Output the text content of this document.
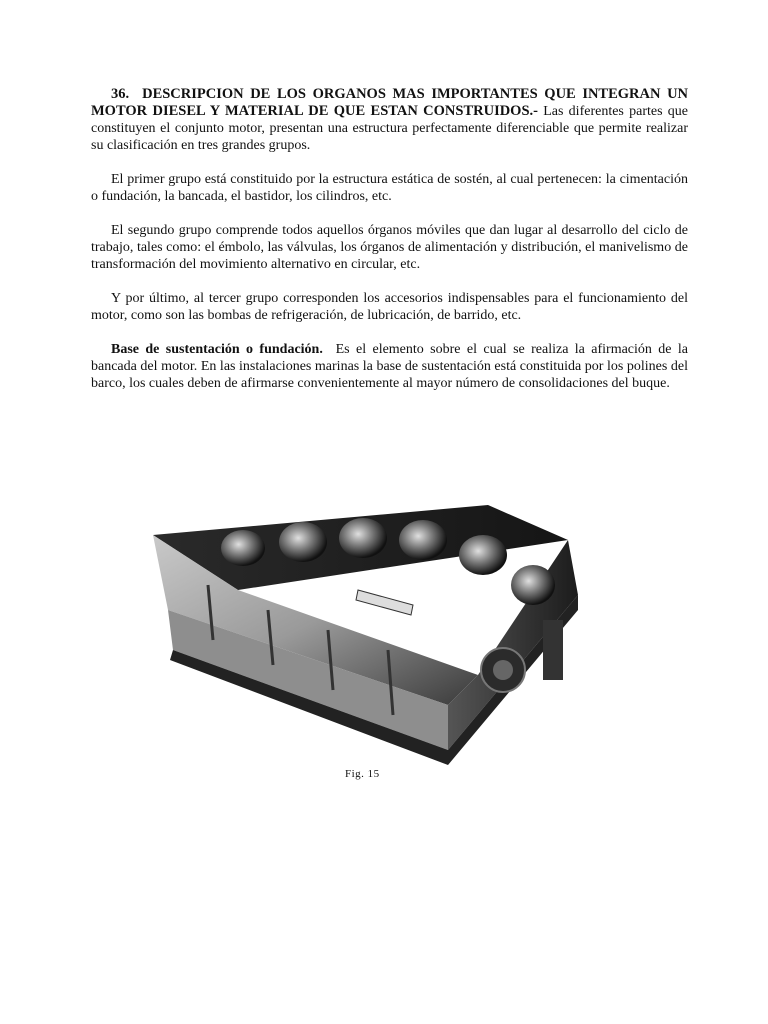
36. DESCRIPCION DE LOS ORGANOS MAS IMPORTANTES QUE INTEGRAN UN MOTOR DIESEL Y MATERIAL DE QUE ESTAN CONSTRUIDOS.- Las diferentes partes que constituyen el conjunto motor, presentan una estructura perfectamente diferenciable que permite realizar su clasificación en tres grandes grupos.

El primer grupo está constituido por la estructura estática de sostén, al cual pertenecen: la cimentación o fundación, la bancada, el bastidor, los cilindros, etc.

El segundo grupo comprende todos aquellos órganos móviles que dan lugar al desarrollo del ciclo de trabajo, tales como: el émbolo, las válvulas, los órganos de alimentación y distribución, el manivelismo de transformación del movimiento alternativo en circular, etc.

Y por último, al tercer grupo corresponden los accesorios indispensables para el funcionamiento del motor, como son las bombas de refrigeración, de lubricación, de barrido, etc.

Base de sustentación o fundación. Es el elemento sobre el cual se realiza la afirmación de la bancada del motor. En las instalaciones marinas la base de sustentación está constituida por los polines del barco, los cuales deben de afirmarse convenientemente al mayor número de consolidaciones del buque.

Fig. 15
